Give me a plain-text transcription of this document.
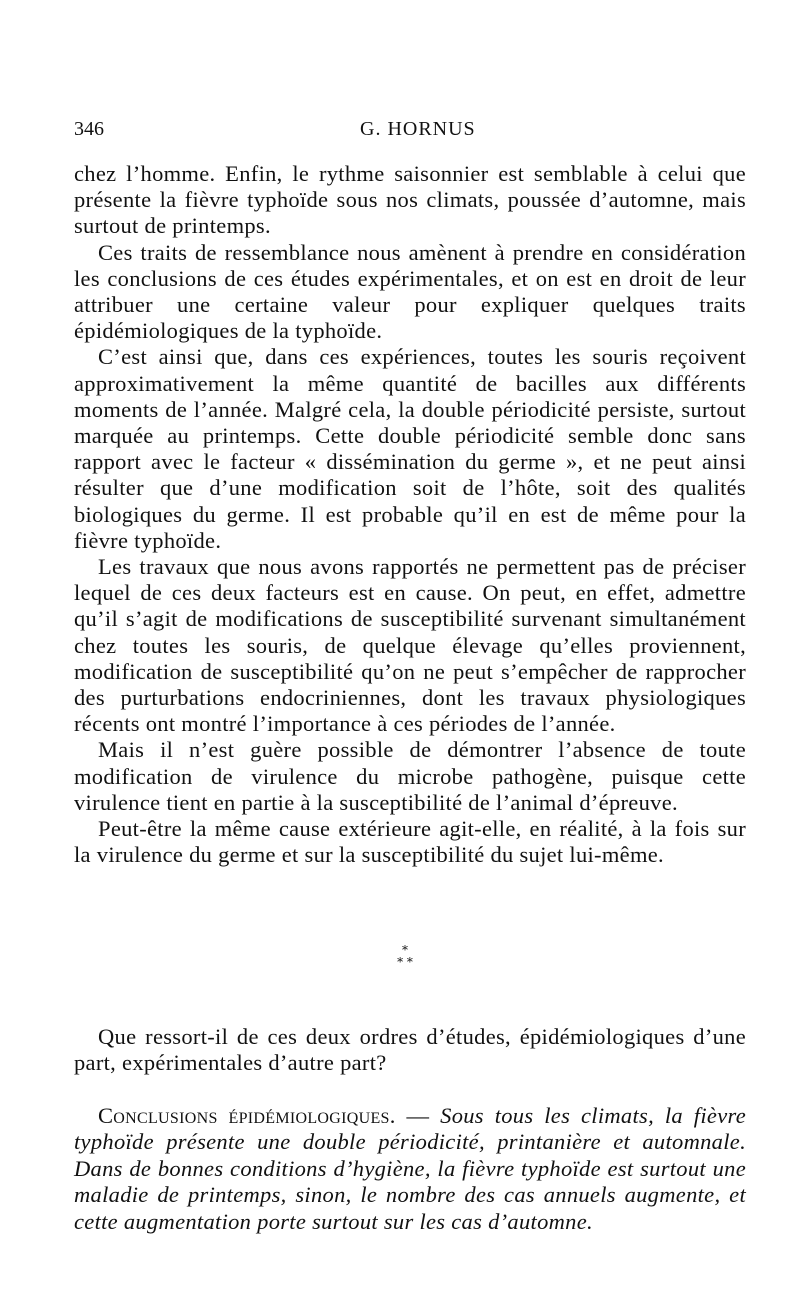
346	G. HORNUS

chez l’homme. Enfin, le rythme saisonnier est semblable à celui que présente la fièvre typhoïde sous nos climats, poussée d’automne, mais surtout de printemps.

Ces traits de ressemblance nous amènent à prendre en considération les conclusions de ces études expérimentales, et on est en droit de leur attribuer une certaine valeur pour expliquer quelques traits épidémiologiques de la typhoïde.

C’est ainsi que, dans ces expériences, toutes les souris reçoivent approximativement la même quantité de bacilles aux différents moments de l’année. Malgré cela, la double périodicité persiste, surtout marquée au printemps. Cette double périodicité semble donc sans rapport avec le facteur « dissémination du germe », et ne peut ainsi résulter que d’une modification soit de l’hôte, soit des qualités biologiques du germe. Il est probable qu’il en est de même pour la fièvre typhoïde.

Les travaux que nous avons rapportés ne permettent pas de préciser lequel de ces deux facteurs est en cause. On peut, en effet, admettre qu’il s’agit de modifications de susceptibilité survenant simultanément chez toutes les souris, de quelque élevage qu’elles proviennent, modification de susceptibilité qu’on ne peut s’empêcher de rapprocher des purturbations endocriniennes, dont les travaux physiologiques récents ont montré l’importance à ces périodes de l’année.

Mais il n’est guère possible de démontrer l’absence de toute modification de virulence du microbe pathogène, puisque cette virulence tient en partie à la susceptibilité de l’animal d’épreuve.

Peut-être la même cause extérieure agit-elle, en réalité, à la fois sur la virulence du germe et sur la susceptibilité du sujet lui-même.

*
* *

Que ressort-il de ces deux ordres d’études, épidémiologiques d’une part, expérimentales d’autre part?

Conclusions épidémiologiques. — Sous tous les climats, la fièvre typhoïde présente une double périodicité, printanière et automnale. Dans de bonnes conditions d’hygiène, la fièvre typhoïde est surtout une maladie de printemps, sinon, le nombre des cas annuels augmente, et cette augmentation porte surtout sur les cas d’automne.
